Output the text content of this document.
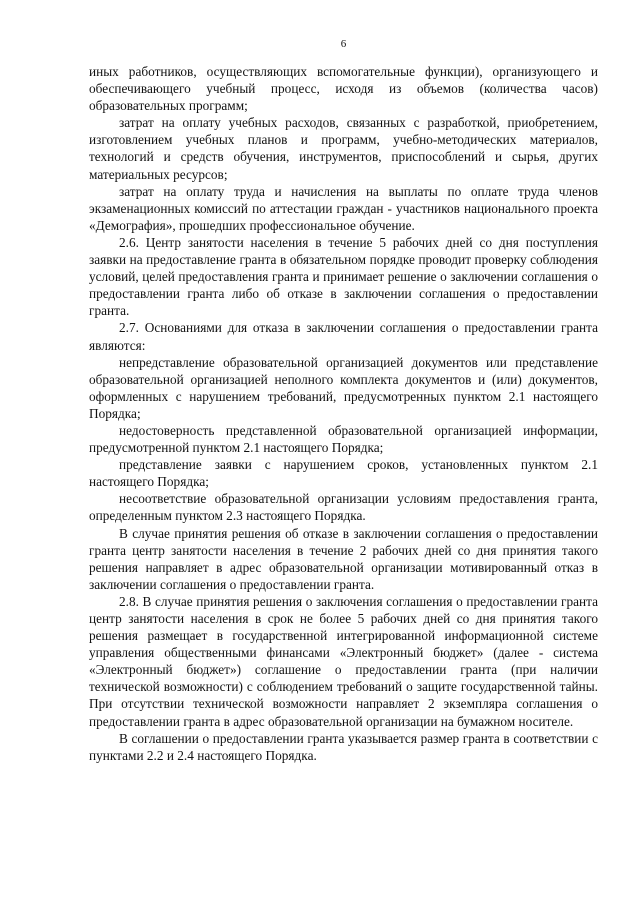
6

иных работников, осуществляющих вспомогательные функции), организующего и обеспечивающего учебный процесс, исходя из объемов (количества часов) образовательных программ;

затрат на оплату учебных расходов, связанных с разработкой, приобретением, изготовлением учебных планов и программ, учебно-методических материалов, технологий и средств обучения, инструментов, приспособлений и сырья, других материальных ресурсов;

затрат на оплату труда и начисления на выплаты по оплате труда членов экзаменационных комиссий по аттестации граждан - участников национального проекта «Демография», прошедших профессиональное обучение.

2.6. Центр занятости населения в течение 5 рабочих дней со дня поступления заявки на предоставление гранта в обязательном порядке проводит проверку соблюдения условий, целей предоставления гранта и принимает решение о заключении соглашения о предоставлении гранта либо об отказе в заключении соглашения о предоставлении гранта.

2.7. Основаниями для отказа в заключении соглашения о предоставлении гранта являются:

непредставление образовательной организацией документов или представление образовательной организацией неполного комплекта документов и (или) документов, оформленных с нарушением требований, предусмотренных пунктом 2.1 настоящего Порядка;

недостоверность представленной образовательной организацией информации, предусмотренной пунктом 2.1 настоящего Порядка;

представление заявки с нарушением сроков, установленных пунктом 2.1 настоящего Порядка;

несоответствие образовательной организации условиям предоставления гранта, определенным пунктом 2.3 настоящего Порядка.

В случае принятия решения об отказе в заключении соглашения о предоставлении гранта центр занятости населения в течение 2 рабочих дней со дня принятия такого решения направляет в адрес образовательной организации мотивированный отказ в заключении соглашения о предоставлении гранта.

2.8. В случае принятия решения о заключения соглашения о предоставлении гранта центр занятости населения в срок не более 5 рабочих дней со дня принятия такого решения размещает в государственной интегрированной информационной системе управления общественными финансами «Электронный бюджет» (далее - система «Электронный бюджет») соглашение о предоставлении гранта (при наличии технической возможности) с соблюдением требований о защите государственной тайны. При отсутствии технической возможности направляет 2 экземпляра соглашения о предоставлении гранта в адрес образовательной организации на бумажном носителе.

В соглашении о предоставлении гранта указывается размер гранта в соответствии с пунктами 2.2 и 2.4 настоящего Порядка.
